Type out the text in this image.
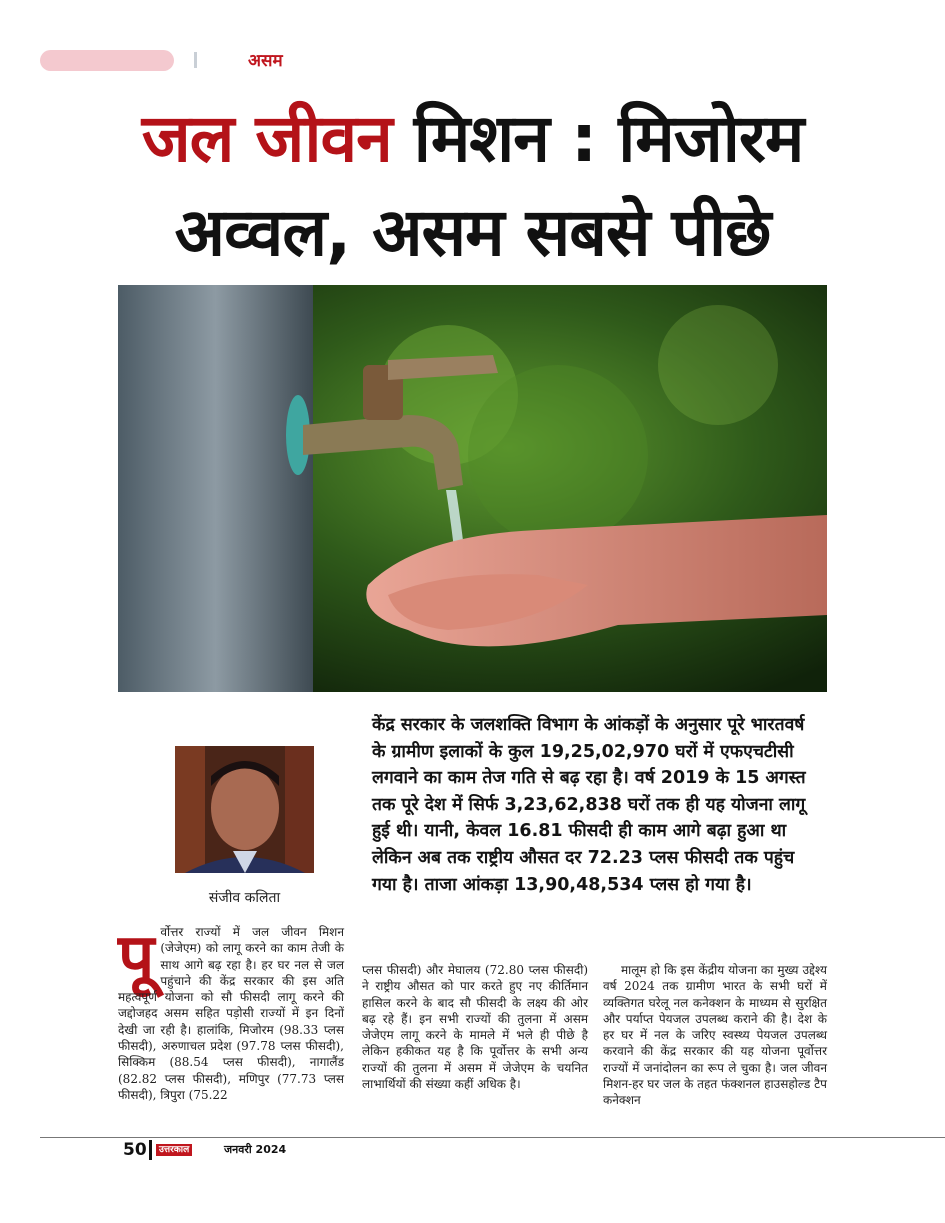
असम
जल जीवन मिशन : मिजोरम
अव्वल, असम सबसे पीछे
संजीव कलिता
केंद्र सरकार के जलशक्ति विभाग के आंकड़ों के अनुसार पूरे भारतवर्ष के ग्रामीण इलाकों के कुल 19,25,02,970 घरों में एफएचटीसी लगवाने का काम तेज गति से बढ़ रहा है। वर्ष 2019 के 15 अगस्त तक पूरे देश में सिर्फ 3,23,62,838 घरों तक ही यह योजना लागू हुई थी। यानी, केवल 16.81 फीसदी ही काम आगे बढ़ा हुआ था लेकिन अब तक राष्ट्रीय औसत दर 72.23 प्लस फीसदी तक पहुंच गया है। ताजा आंकड़ा 13,90,48,534 प्लस हो गया है।
पू र्वोत्तर राज्यों में जल जीवन मिशन (जेजेएम) को लागू करने का काम तेजी के साथ आगे बढ़ रहा है। हर घर नल से जल पहुंचाने की केंद्र सरकार की इस अति महत्वपूर्ण योजना को सौ फीसदी लागू करने की जद्दोजहद असम सहित पड़ोसी राज्यों में इन दिनों देखी जा रही है। हालांकि, मिजोरम (98.33 प्लस फीसदी), अरुणाचल प्रदेश (97.78 प्लस फीसदी), सिक्किम (88.54 प्लस फीसदी), नागालैंड (82.82 प्लस फीसदी), मणिपुर (77.73 प्लस फीसदी), त्रिपुरा (75.22
प्लस फीसदी) और मेघालय (72.80 प्लस फीसदी) ने राष्ट्रीय औसत को पार करते हुए नए कीर्तिमान हासिल करने के बाद सौ फीसदी के लक्ष्य की ओर बढ़ रहे हैं। इन सभी राज्यों की तुलना में असम जेजेएम लागू करने के मामले में भले ही पीछे है लेकिन हकीकत यह है कि पूर्वोत्तर के सभी अन्य राज्यों की तुलना में असम में जेजेएम के चयनित लाभार्थियों की संख्या कहीं अधिक है।
मालूम हो कि इस केंद्रीय योजना का मुख्य उद्देश्य वर्ष 2024 तक ग्रामीण भारत के सभी घरों में व्यक्तिगत घरेलू नल कनेक्शन के माध्यम से सुरक्षित और पर्याप्त पेयजल उपलब्ध कराने की है। देश के हर घर में नल के जरिए स्वस्थ्य पेयजल उपलब्ध करवाने की केंद्र सरकार की यह योजना पूर्वोत्तर राज्यों में जनांदोलन का रूप ले चुका है। जल जीवन मिशन-हर घर जल के तहत फंक्शनल हाउसहोल्ड टैप कनेक्शन
50	उत्तरकाल	जनवरी 2024
